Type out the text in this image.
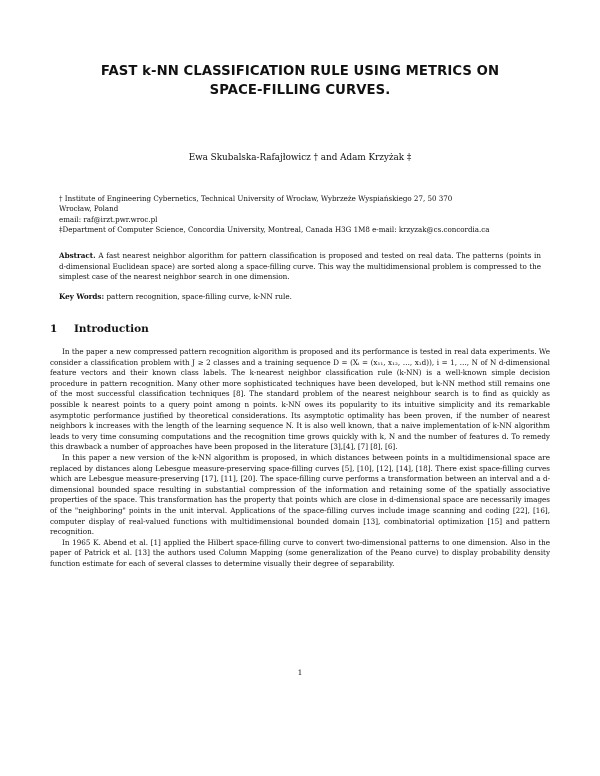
FAST k-NN CLASSIFICATION RULE USING METRICS ON
SPACE-FILLING CURVES.
Ewa Skubalska-Rafajłowicz † and Adam Krzyżak ‡
† Institute of Engineering Cybernetics, Technical University of Wrocław, Wybrzeże Wyspiańskiego 27, 50 370
Wrocław, Poland
email: raf@irzt.pwr.wroc.pl
‡Department of Computer Science, Concordia University, Montreal, Canada H3G 1M8 e-mail: krzyzak@cs.concordia.ca
Abstract. A fast nearest neighbor algorithm for pattern classification is proposed and tested on real data. The patterns (points in d-dimensional Euclidean space) are sorted along a space-filling curve. This way the multidimensional problem is compressed to the simplest case of the nearest neighbor search in one dimension.
Key Words: pattern recognition, space-filling curve, k-NN rule.
1 Introduction

In the paper a new compressed pattern recognition algorithm is proposed and its performance is tested in real data experiments. We consider a classification problem with J ≥ 2 classes and a training sequence D = (Xᵢ = (x₁₁, x₁₂, …, x₁d)), i = 1, …, N of N d-dimensional feature vectors and their known class labels. The k-nearest neighbor classification rule (k-NN) is a well-known simple decision procedure in pattern recognition. Many other more sophisticated techniques have been developed, but k-NN method still remains one of the most successful classification techniques [8]. The standard problem of the nearest neighbour search is to find as quickly as possible k nearest points to a query point among n points. k-NN owes its popularity to its intuitive simplicity and its remarkable asymptotic performance justified by theoretical considerations. Its asymptotic optimality has been proven, if the number of nearest neighbors k increases with the length of the learning sequence N. It is also well known, that a naive implementation of k-NN algorithm leads to very time consuming computations and the recognition time grows quickly with k, N and the number of features d. To remedy this drawback a number of approaches have been proposed in the literature [3],[4], [7] [8], [6].

In this paper a new version of the k-NN algorithm is proposed, in which distances between points in a multidimensional space are replaced by distances along Lebesgue measure-preserving space-filling curves [5], [10], [12], [14], [18]. There exist space-filling curves which are Lebesgue measure-preserving [17], [11], [20]. The space-filling curve performs a transformation between an interval and a d-dimensional bounded space resulting in substantial compression of the information and retaining some of the spatially associative properties of the space. This transformation has the property that points which are close in d-dimensional space are necessarily images of the "neighboring" points in the unit interval. Applications of the space-filling curves include image scanning and coding [22], [16], computer display of real-valued functions with multidimensional bounded domain [13], combinatorial optimization [15] and pattern recognition.

In 1965 K. Abend et al. [1] applied the Hilbert space-filling curve to convert two-dimensional patterns to one dimension. Also in the paper of Patrick et al. [13] the authors used Column Mapping (some generalization of the Peano curve) to display probability density function estimate for each of several classes to determine visually their degree of separability.

1
